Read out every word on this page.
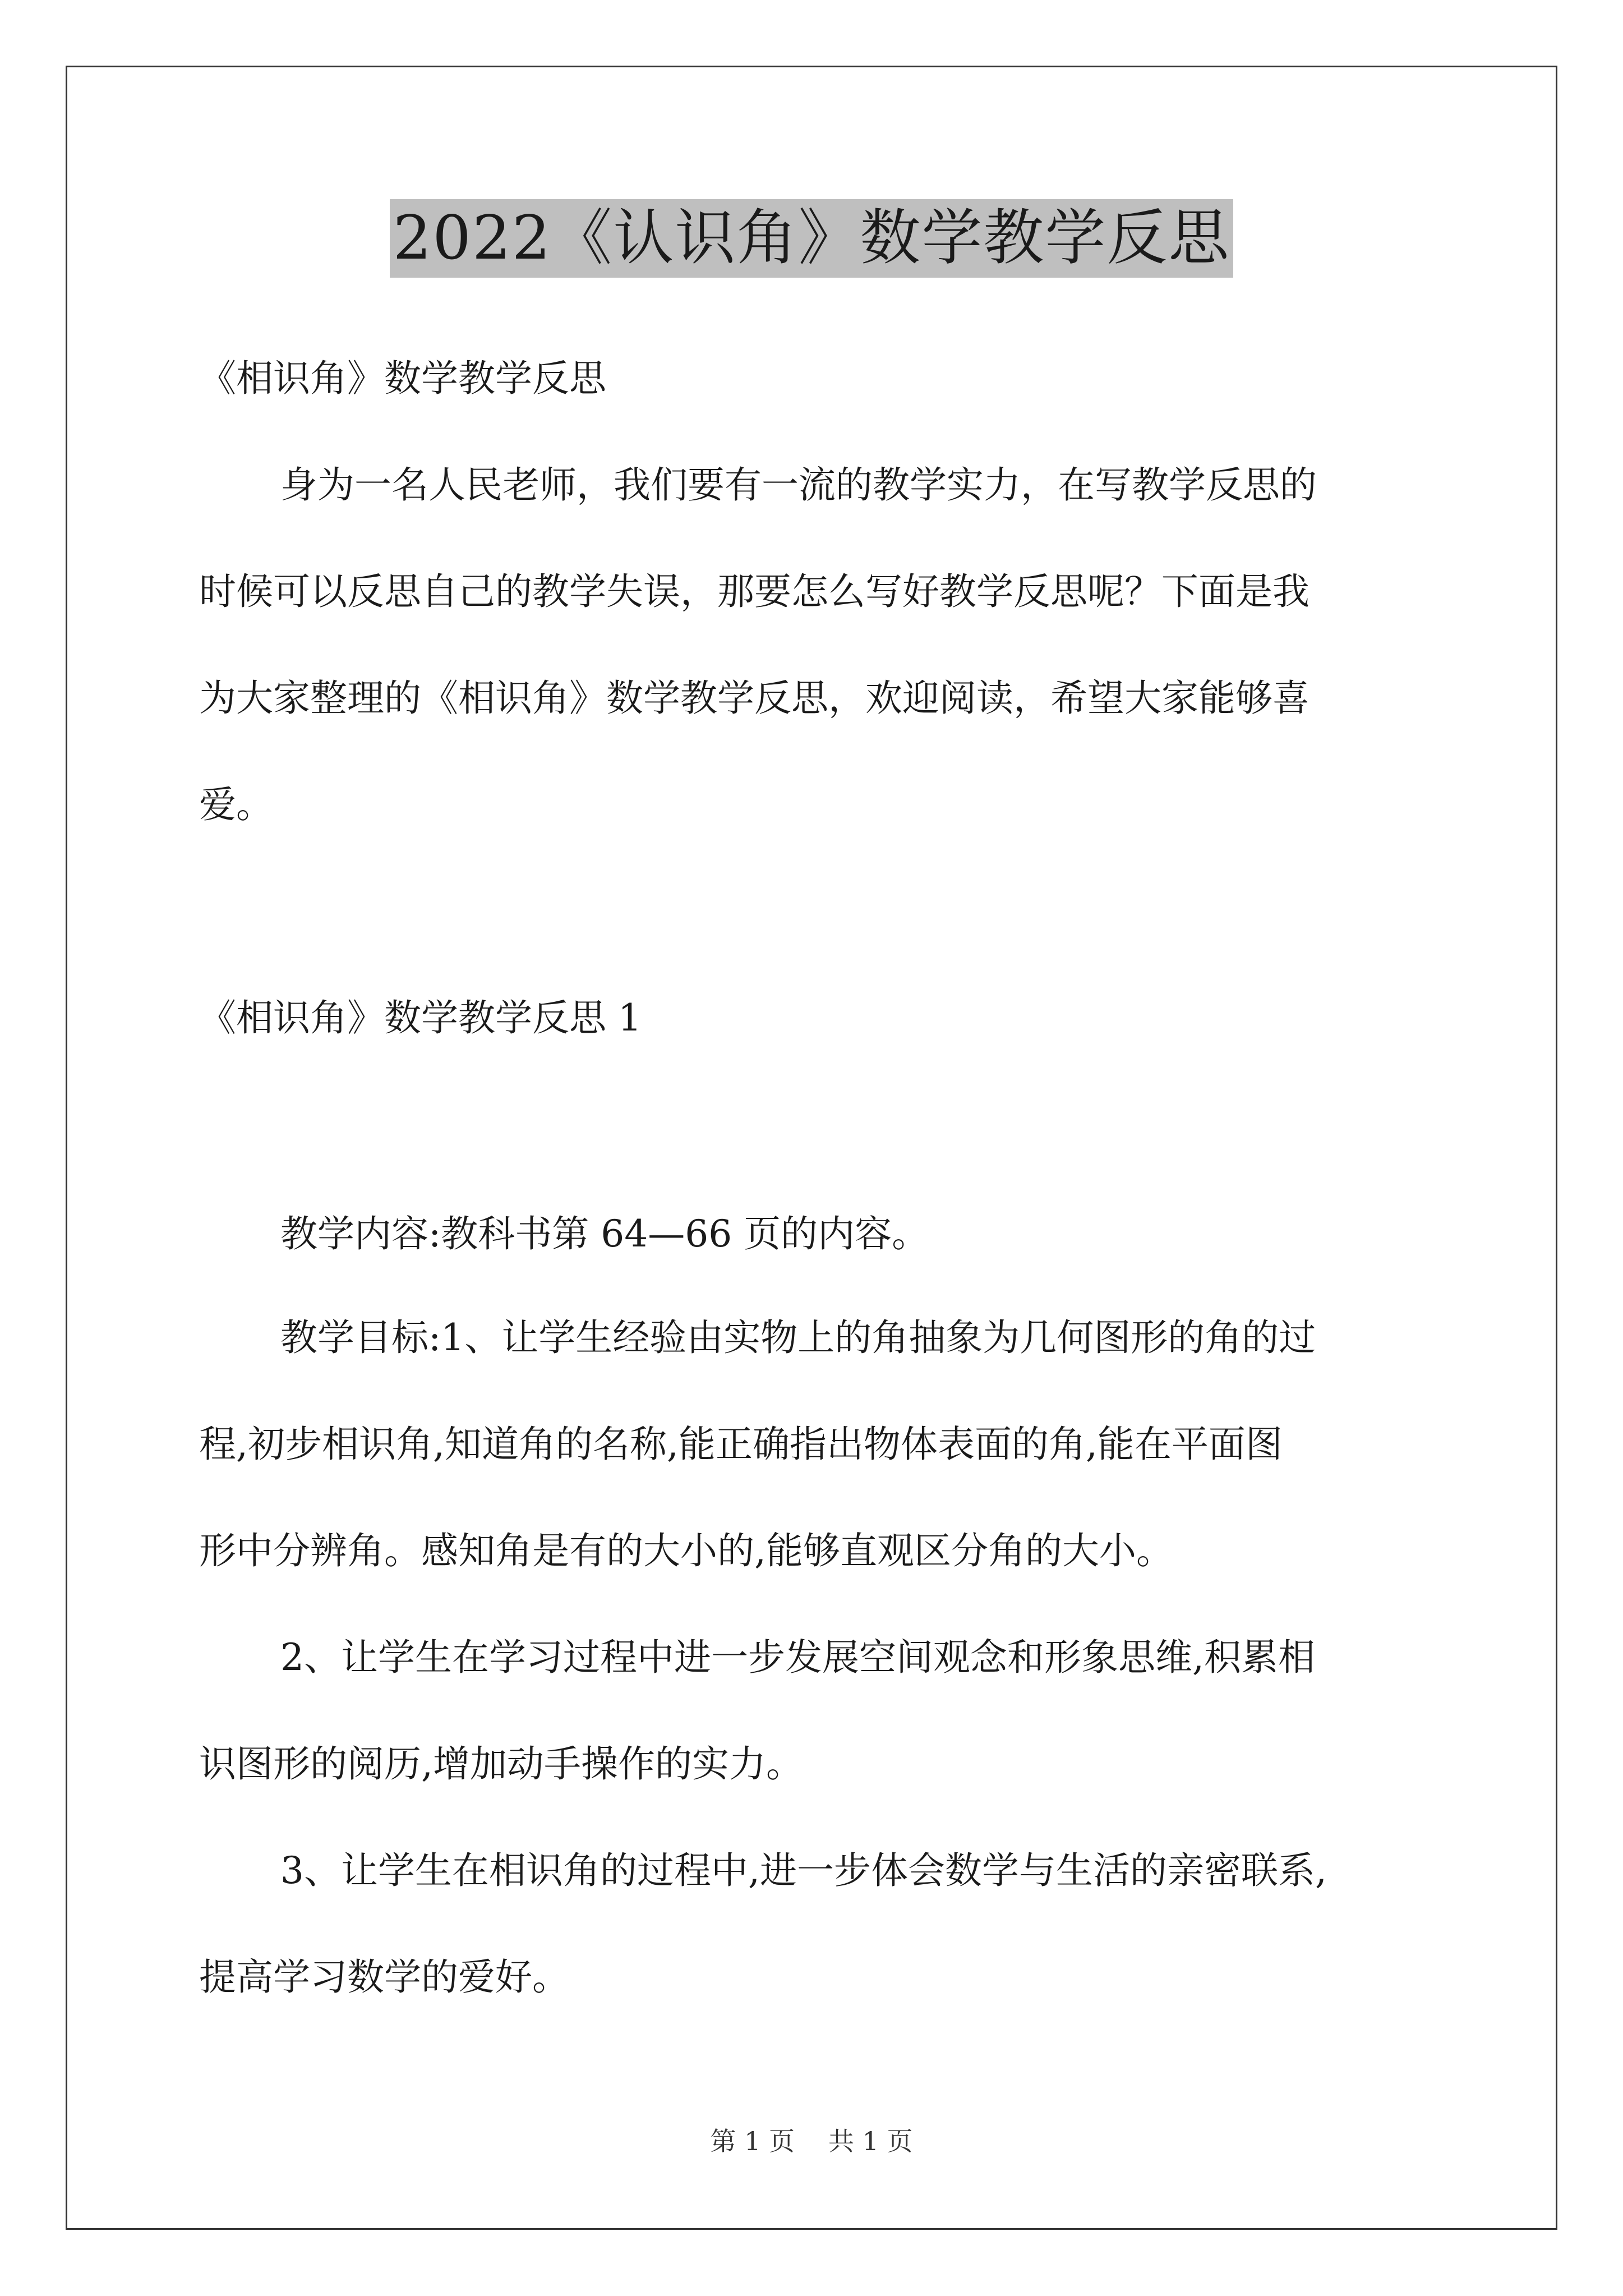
2022《认识角》数学教学反思
《相识角》数学教学反思
身为一名人民老师，我们要有一流的教学实力，在写教学反思的
时候可以反思自己的教学失误，那要怎么写好教学反思呢？下面是我
为大家整理的《相识角》数学教学反思，欢迎阅读，希望大家能够喜
爱。
《相识角》数学教学反思 1
教学内容:教科书第 64—66 页的内容。
教学目标:1、让学生经验由实物上的角抽象为几何图形的角的过
程,初步相识角,知道角的名称,能正确指出物体表面的角,能在平面图
形中分辨角。感知角是有的大小的,能够直观区分角的大小。
2、让学生在学习过程中进一步发展空间观念和形象思维,积累相
识图形的阅历,增加动手操作的实力。
3、让学生在相识角的过程中,进一步体会数学与生活的亲密联系,
提高学习数学的爱好。
第 1 页 共 1 页
